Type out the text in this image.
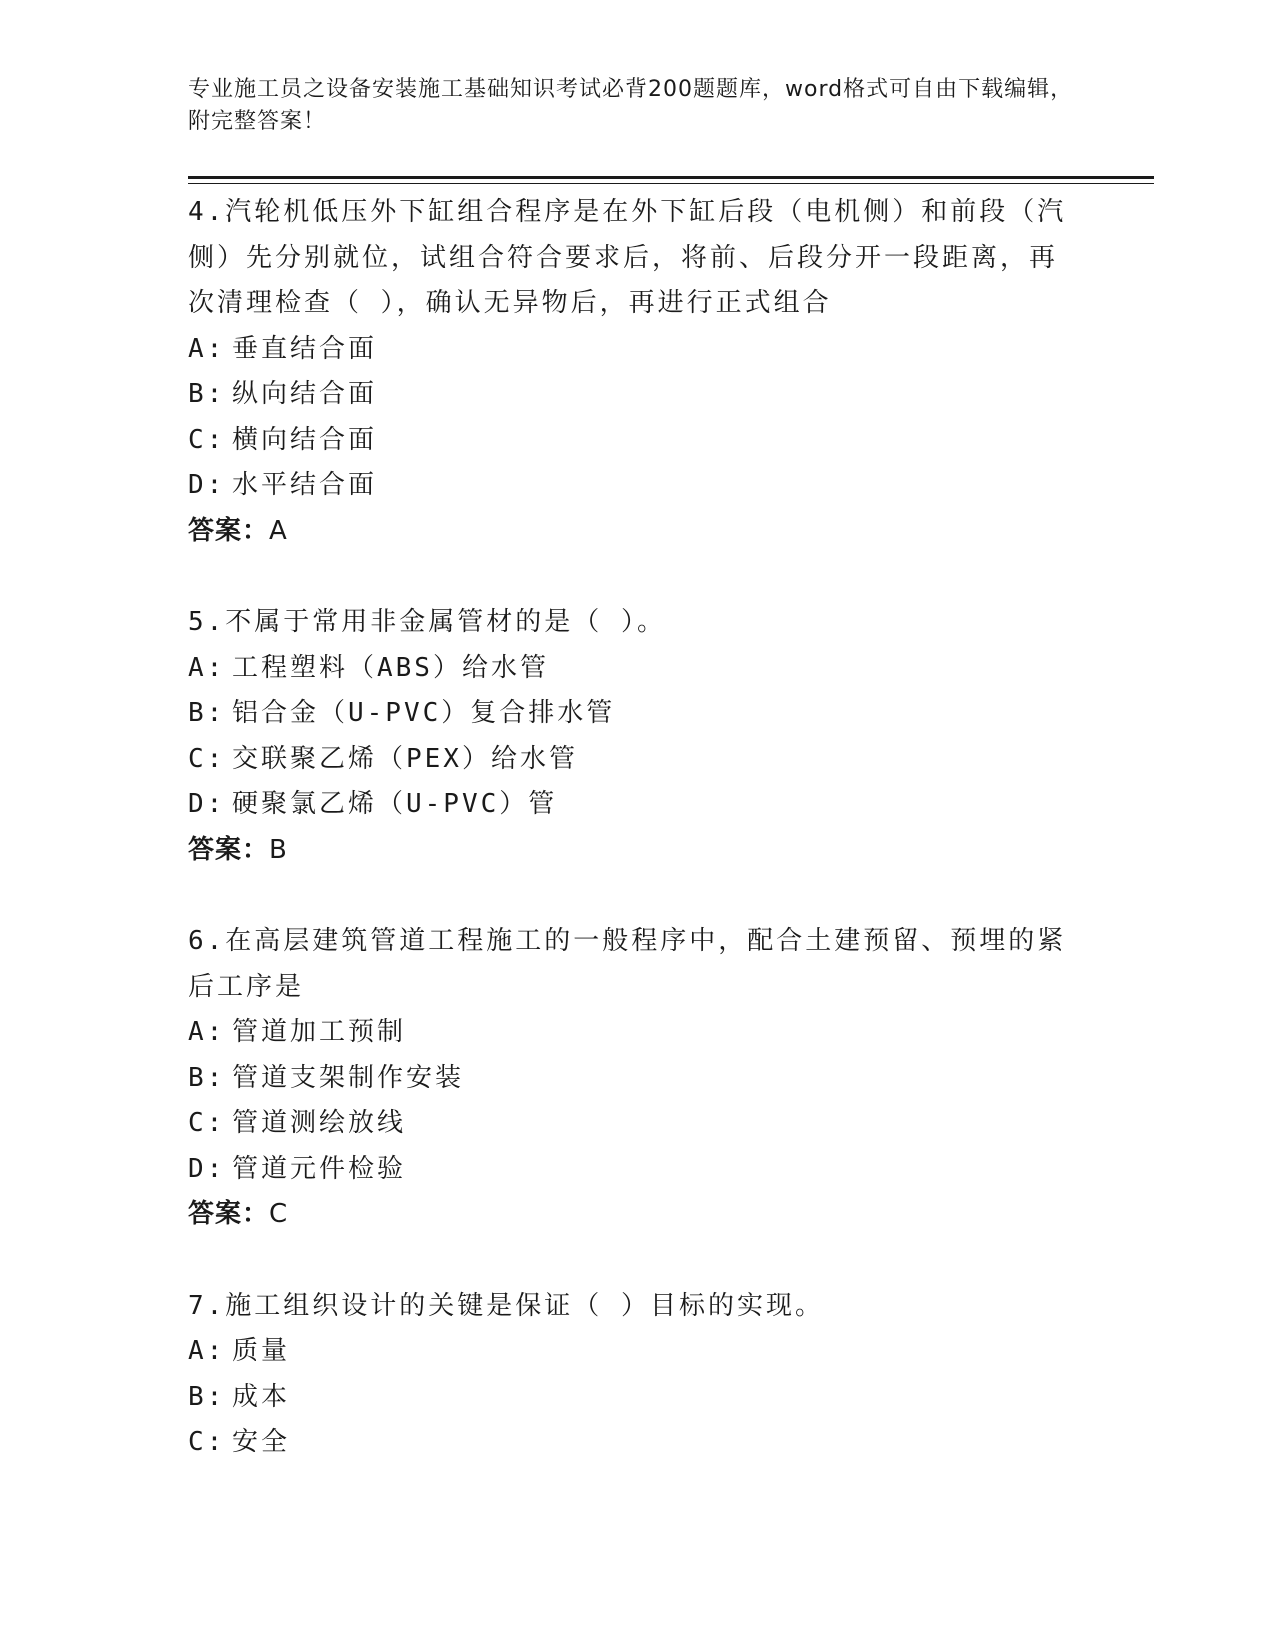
专业施工员之设备安装施工基础知识考试必背200题题库，word格式可自由下载编辑，附完整答案！

4.汽轮机低压外下缸组合程序是在外下缸后段（电机侧）和前段（汽侧）先分别就位，试组合符合要求后，将前、后段分开一段距离，再次清理检查（ ），确认无异物后，再进行正式组合

A: 垂直结合面
B: 纵向结合面
C: 横向结合面
D: 水平结合面
答案：A

5.不属于常用非金属管材的是（ ）。

A: 工程塑料（ABS）给水管
B: 铝合金（U-PVC）复合排水管
C: 交联聚乙烯（PEX）给水管
D: 硬聚氯乙烯（U-PVC）管
答案：B

6.在高层建筑管道工程施工的一般程序中，配合土建预留、预埋的紧后工序是

A: 管道加工预制
B: 管道支架制作安装
C: 管道测绘放线
D: 管道元件检验
答案：C

7.施工组织设计的关键是保证（ ）目标的实现。

A: 质量
B: 成本
C: 安全
